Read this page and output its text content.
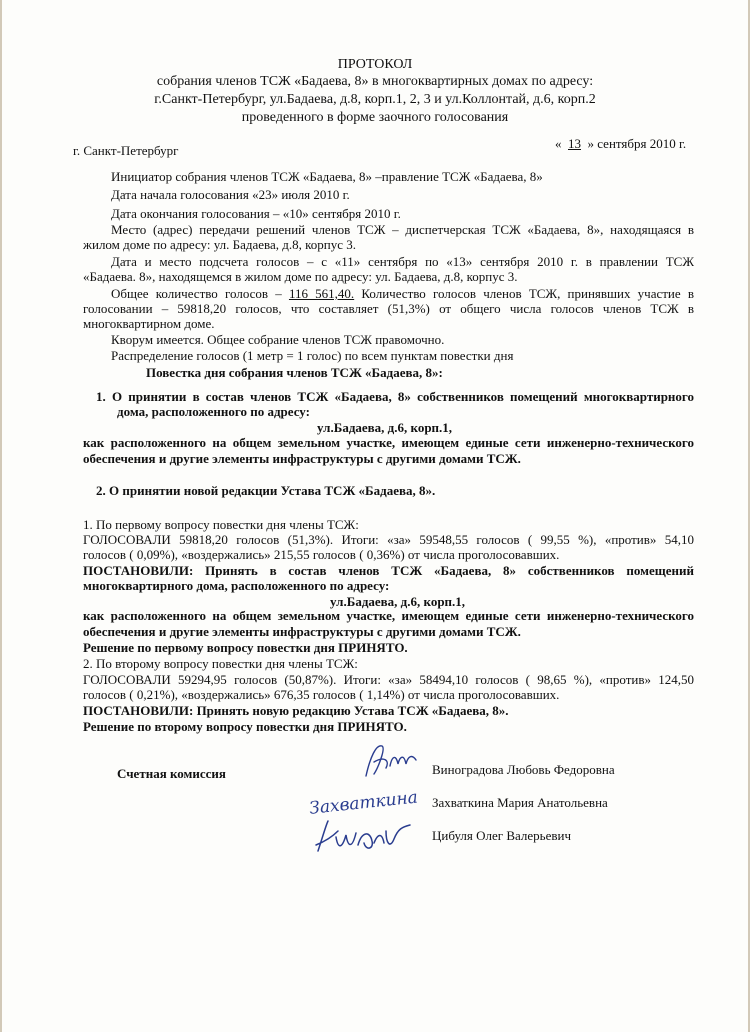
ПРОТОКОЛ
собрания членов ТСЖ «Бадаева, 8» в многоквартирных домах по адресу:
г.Санкт-Петербург, ул.Бадаева, д.8, корп.1, 2, 3 и ул.Коллонтай, д.6, корп.2
проведенного в форме заочного голосования
г. Санкт-Петербург	« 13 » сентября 2010 г.
Инициатор собрания членов ТСЖ «Бадаева, 8» –правление ТСЖ «Бадаева, 8»
Дата начала голосования «23» июля 2010 г.
Дата окончания голосования – «10» сентября 2010 г.
Место (адрес) передачи решений членов ТСЖ – диспетчерская ТСЖ «Бадаева, 8», находящаяся в
жилом доме по адресу: ул. Бадаева, д.8, корпус 3.
Дата и место подсчета голосов – с «11» сентября по «13» сентября 2010 г. в правлении ТСЖ
«Бадаева. 8», находящемся в жилом доме по адресу: ул. Бадаева, д.8, корпус 3.
Общее количество голосов – 116 561,40. Количество голосов членов ТСЖ, принявших участие в
голосовании – 59818,20 голосов, что составляет (51,3%) от общего числа голосов членов ТСЖ в
многоквартирном доме.
Кворум имеется. Общее собрание членов ТСЖ правомочно.
Распределение голосов (1 метр = 1 голос) по всем пунктам повестки дня
Повестка дня собрания членов ТСЖ «Бадаева, 8»:
1. О принятии в состав членов ТСЖ «Бадаева, 8» собственников помещений многоквартирного
дома, расположенного по адресу:
ул.Бадаева, д.6, корп.1,
как расположенного на общем земельном участке, имеющем единые сети инженерно-технического
обеспечения и другие элементы инфраструктуры с другими домами ТСЖ.
2. О принятии новой редакции Устава ТСЖ «Бадаева, 8».
1. По первому вопросу повестки дня члены ТСЖ:
ГОЛОСОВАЛИ 59818,20 голосов (51,3%). Итоги: «за» 59548,55 голосов ( 99,55 %), «против» 54,10
голосов ( 0,09%), «воздержались» 215,55 голосов ( 0,36%) от числа проголосовавших.
ПОСТАНОВИЛИ: Принять в состав членов ТСЖ «Бадаева, 8» собственников помещений
многоквартирного дома, расположенного по адресу:
ул.Бадаева, д.6, корп.1,
как расположенного на общем земельном участке, имеющем единые сети инженерно-технического
обеспечения и другие элементы инфраструктуры с другими домами ТСЖ.
Решение по первому вопросу повестки дня ПРИНЯТО.
2. По второму вопросу повестки дня члены ТСЖ:
ГОЛОСОВАЛИ 59294,95 голосов (50,87%). Итоги: «за» 58494,10 голосов ( 98,65 %), «против» 124,50
голосов ( 0,21%), «воздержались» 676,35 голосов ( 1,14%) от числа проголосовавших.
ПОСТАНОВИЛИ: Принять новую редакцию Устава ТСЖ «Бадаева, 8».
Решение по второму вопросу повестки дня ПРИНЯТО.
Счетная комиссия	Виноградова Любовь Федоровна
Захваткина Мария Анатольевна
Цибуля Олег Валерьевич
Захваткина
